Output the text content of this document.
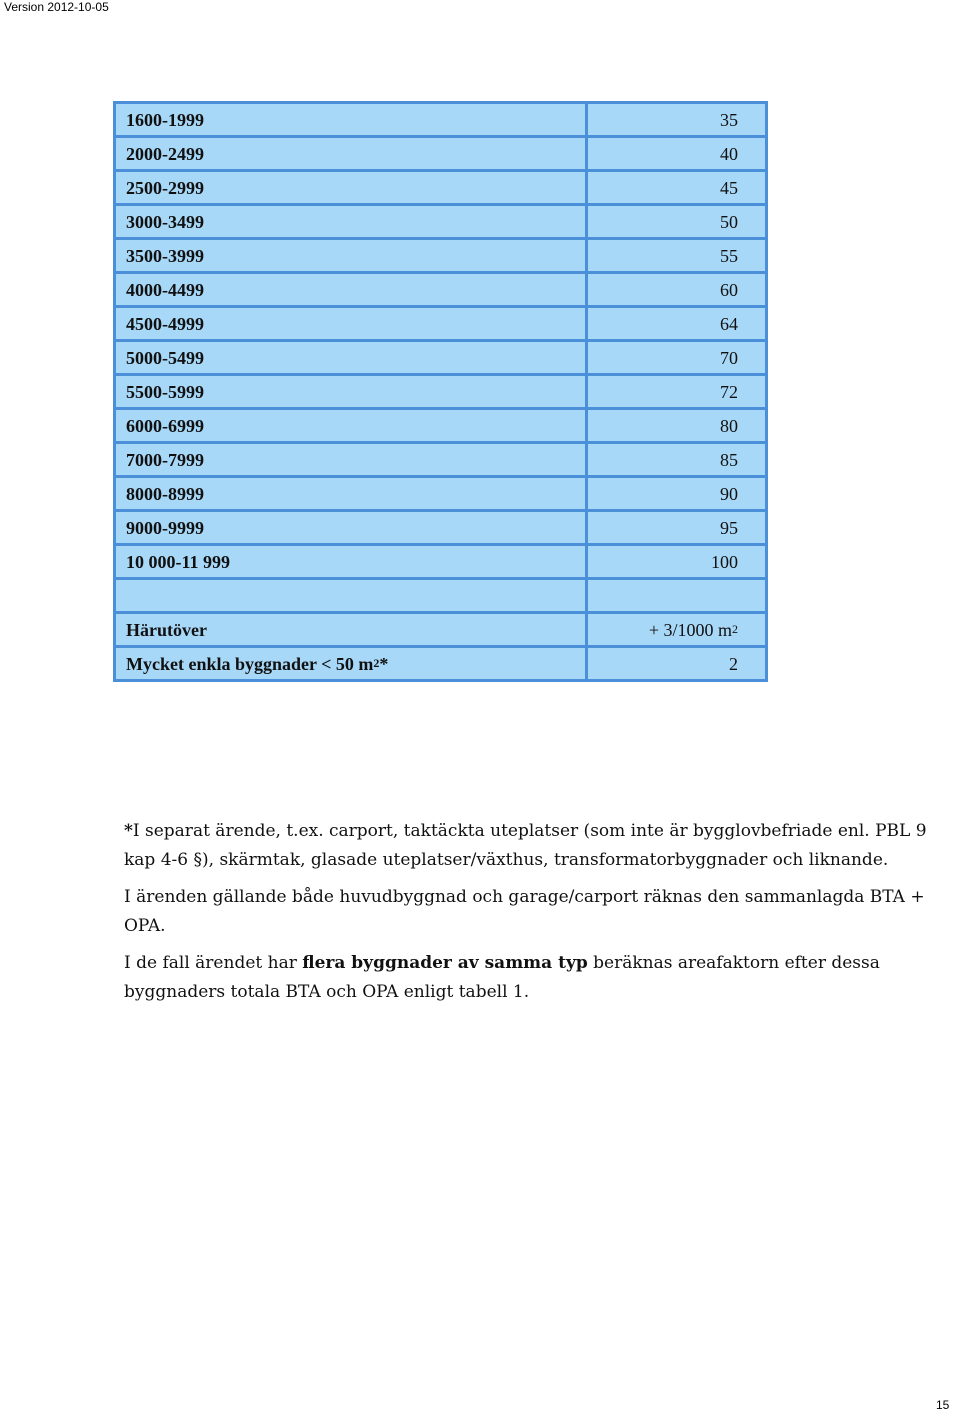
Version 2012-10-05
1600-1999	35
2000-2499	40
2500-2999	45
3000-3499	50
3500-3999	55
4000-4499	60
4500-4999	64
5000-5499	70
5500-5999	72
6000-6999	80
7000-7999	85
8000-8999	90
9000-9999	95
10 000-11 999	100

Härutöver	+ 3/1000 $m^2$
Mycket enkla byggnader < 50 $m^2*$	2

*I separat ärende, t.ex. carport, taktäckta uteplatser (som inte är bygglovbefriade enl. PBL 9 kap 4-6 §), skärmtak, glasade uteplatser/växthus, transformatorbyggnader och liknande.

I ärenden gällande både huvudbyggnad och garage/carport räknas den sammanlagda BTA + OPA.

I de fall ärendet har flera byggnader av samma typ beräknas areafaktorn efter dessa byggnaders totala BTA och OPA enligt tabell 1.

15
